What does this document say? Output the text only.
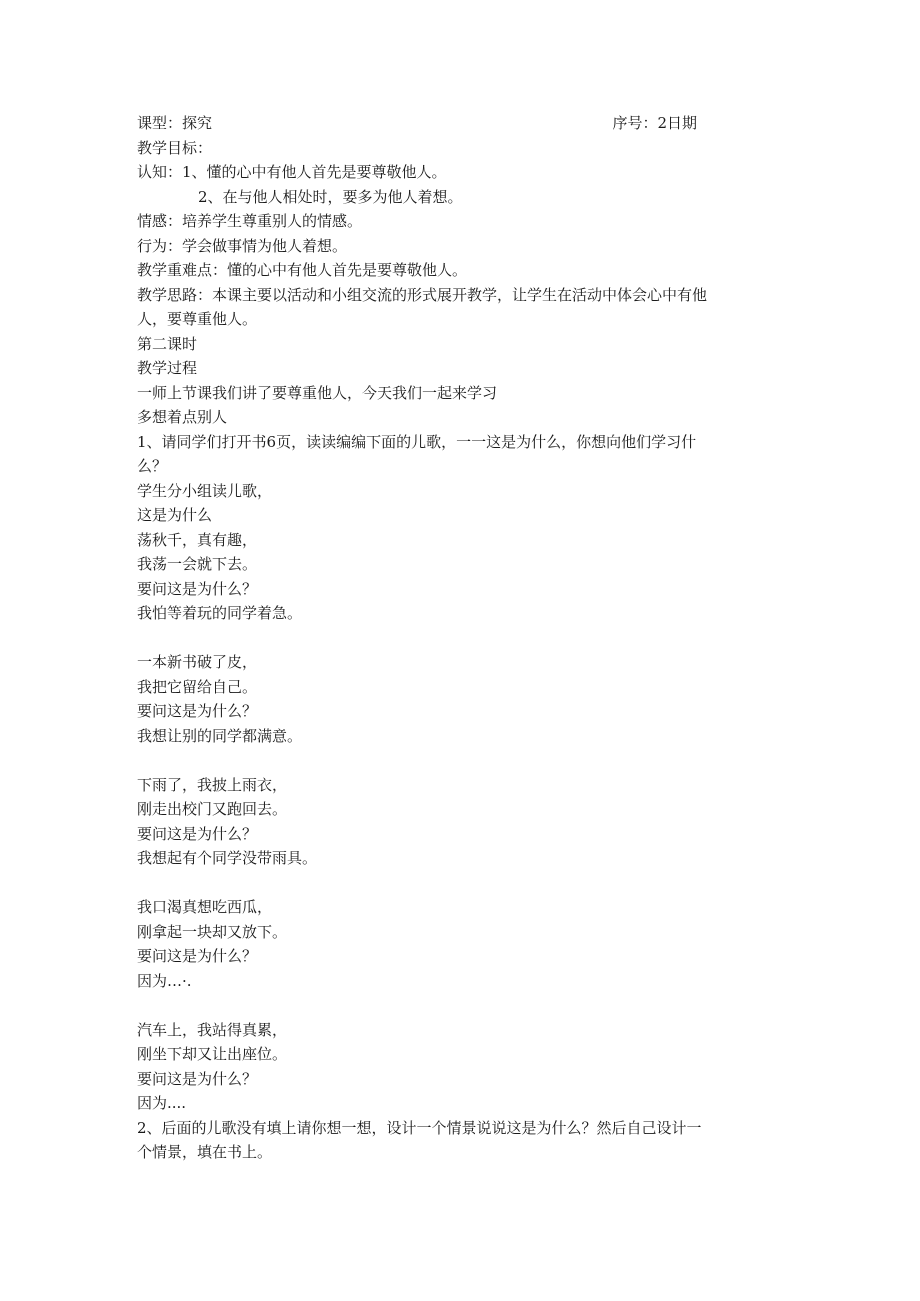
课型：探究	序号：2日期
教学目标：
认知：1、懂的心中有他人首先是要尊敬他人。
2、在与他人相处时，要多为他人着想。
情感：培养学生尊重别人的情感。
行为：学会做事情为他人着想。
教学重难点：懂的心中有他人首先是要尊敬他人。
教学思路：本课主要以活动和小组交流的形式展开教学，让学生在活动中体会心中有他
人，要尊重他人。
第二课时
教学过程
一师上节课我们讲了要尊重他人，今天我们一起来学习
多想着点别人
1、请同学们打开书6页，读读编编下面的儿歌，一一这是为什么，你想向他们学习什
么？
学生分小组读儿歌，
这是为什么
荡秋千，真有趣，
我荡一会就下去。
要问这是为什么？
我怕等着玩的同学着急。
一本新书破了皮，
我把它留给自己。
要问这是为什么？
我想让别的同学都满意。
下雨了，我披上雨衣，
刚走出校门又跑回去。
要问这是为什么？
我想起有个同学没带雨具。
我口渴真想吃西瓜，
刚拿起一块却又放下。
要问这是为什么？
因为…·.
汽车上，我站得真累，
刚坐下却又让出座位。
要问这是为什么？
因为....
2、后面的儿歌没有填上请你想一想，设计一个情景说说这是为什么？然后自己设计一
个情景，填在书上。
